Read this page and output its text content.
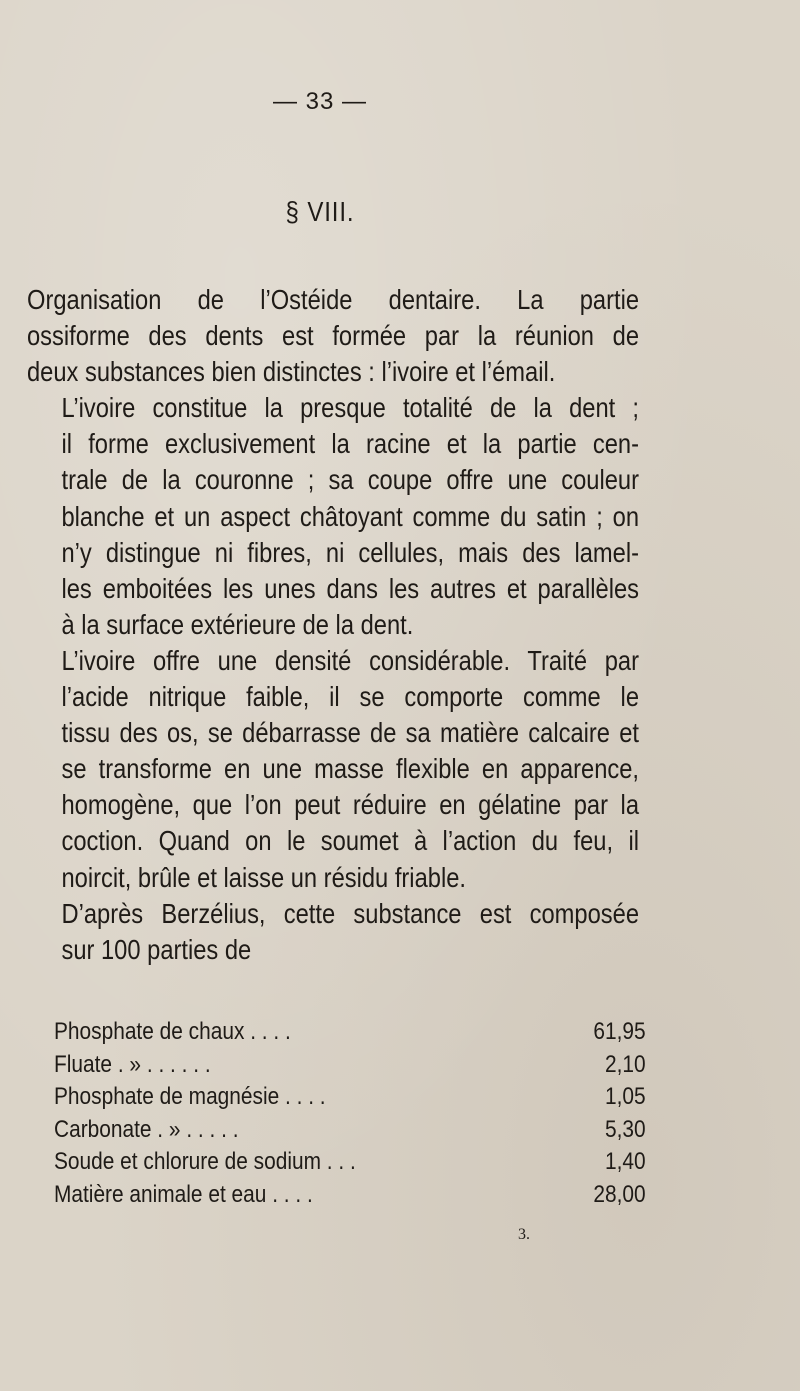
— 33 —
§ VIII.

Organisation de l’Ostéide dentaire. La partie
ossiforme des dents est formée par la réunion de
deux substances bien distinctes : l’ivoire et l’émail.

L’ivoire constitue la presque totalité de la dent ;
il forme exclusivement la racine et la partie cen-
trale de la couronne ; sa coupe offre une couleur
blanche et un aspect châtoyant comme du satin ; on
n’y distingue ni fibres, ni cellules, mais des lamel-
les emboitées les unes dans les autres et parallèles
à la surface extérieure de la dent.

L’ivoire offre une densité considérable. Traité par
l’acide nitrique faible, il se comporte comme le
tissu des os, se débarrasse de sa matière calcaire et
se transforme en une masse flexible en apparence,
homogène, que l’on peut réduire en gélatine par la
coction. Quand on le soumet à l’action du feu, il
noircit, brûle et laisse un résidu friable.

D’après Berzélius, cette substance est composée
sur 100 parties de

Phosphate de chaux . . . .	61,95
Fluate . » . . . . . .	2,10
Phosphate de magnésie . . . .	1,05
Carbonate . » . . . . .	5,30
Soude et chlorure de sodium . . .	1,40
Matière animale et eau . . . .	28,00
3.
